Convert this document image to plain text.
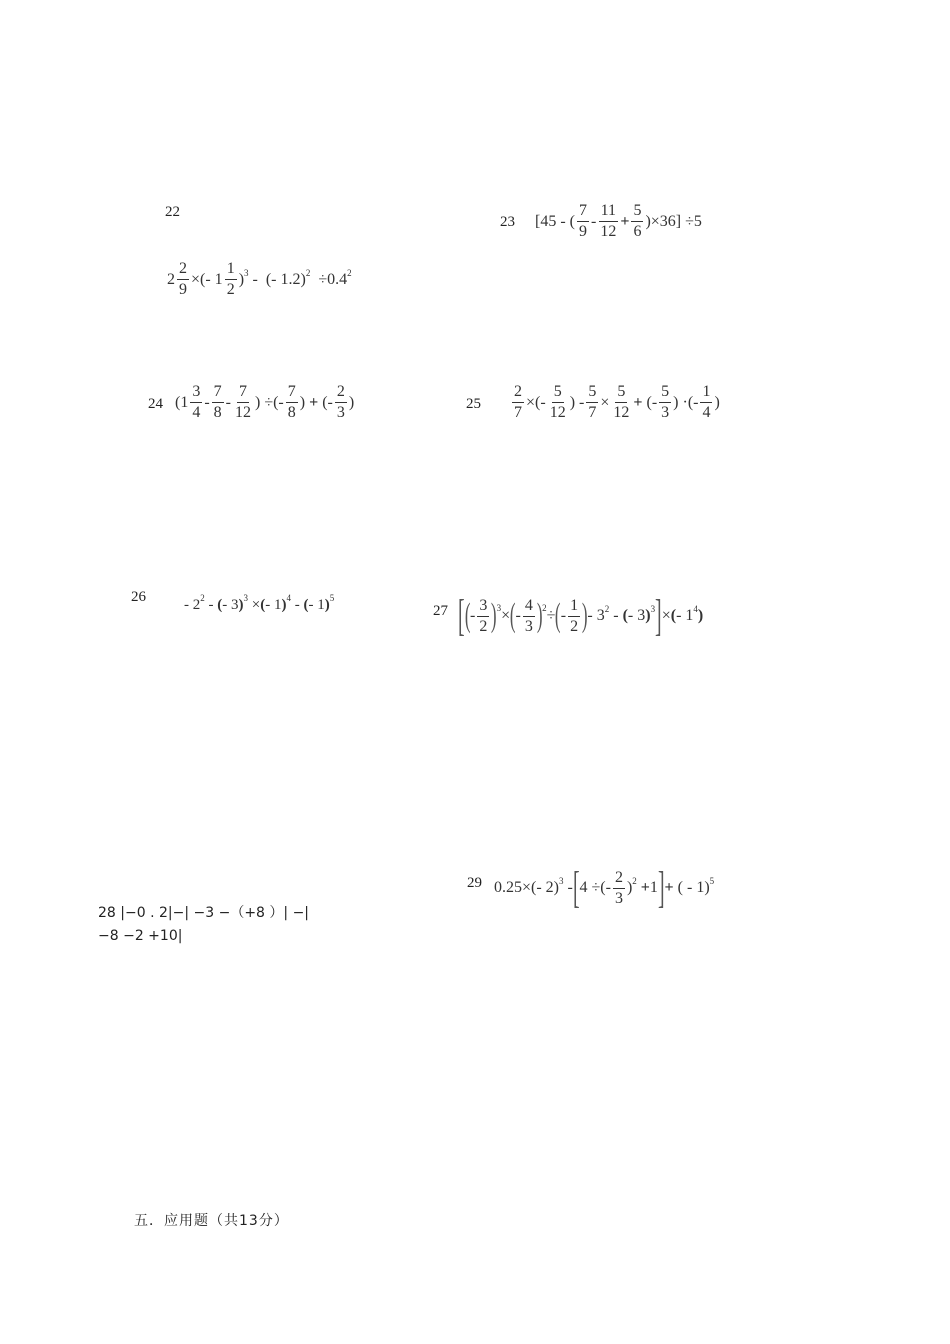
22
$2 \frac{2}{9}$ ×(- $1 \frac{1}{2} )^3$ -  (- $1.2)^2 \div 0.4^2$
23 [45 - ( $\frac{7}{9} - \frac{11}{12} + \frac{5}{6} )\times 36] \div 5$
24 ($1 \frac{3}{4} - \frac{7}{8} - \frac{7}{12}$ ) ÷(- $\frac{7}{8}$ ) + (- $\frac{2}{3}$ )	$25 \frac{2}{7}$ ×(- $\frac{5}{12}$ ) - $\frac{5}{7} \times \frac{5}{12}$ + (- $\frac{5}{3}$ ) ·(- $\frac{1}{4}$ )
26	- $2^2$ - (- 3)$^3$ ×(- 1)$^4$ - (- 1)$^5$
27 [ ( - $\frac{3}{2} )^3$ × ( - $\frac{4}{3} )^2$ ÷ ( - $\frac{1}{2}$ ) - $3^2$ - (- 3)$^3$ ] ×(- $1^4$)
28 |−0 . 2|−| −3 −（+8 ）| −|
−8 −2 +10|
29 0.25×(- 2)$^3$ - [ 4 ÷(- $\frac{2}{3} )^2 +1$ ] + ( - 1)$^5$
五．应用题（共13分）
